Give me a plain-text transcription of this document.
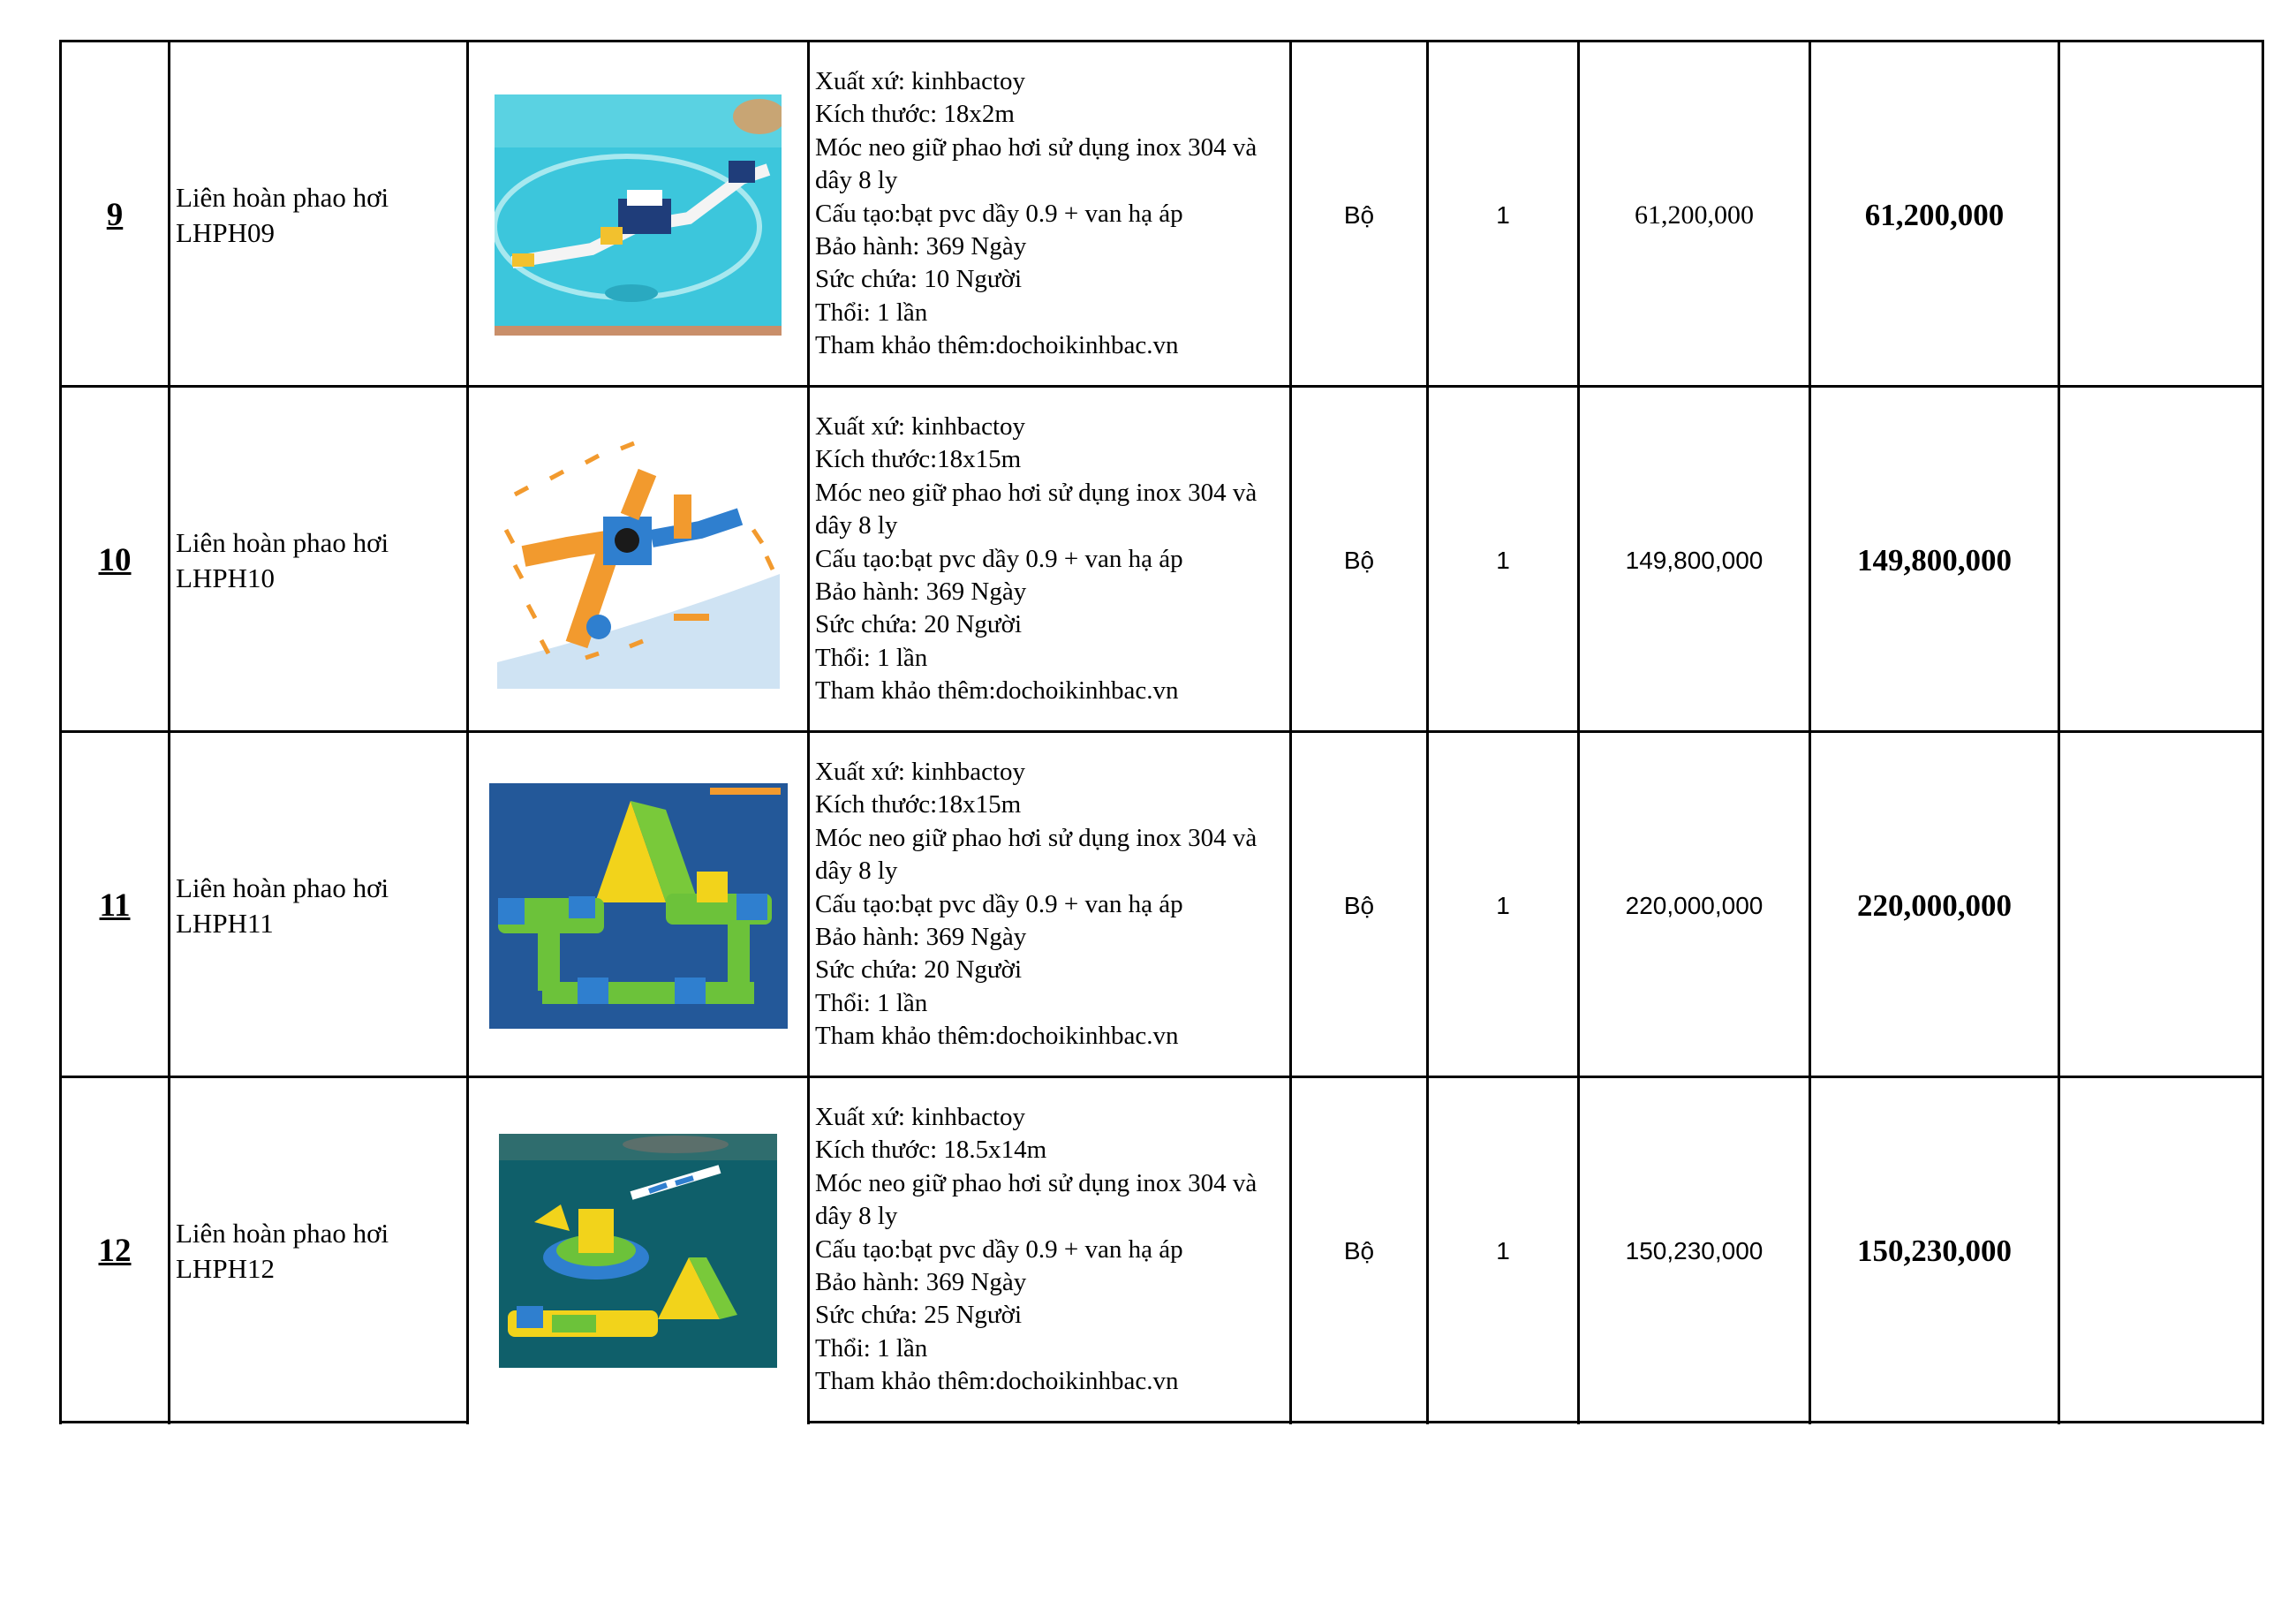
9 Liên hoàn phao hơi
LHPH09
Xuất xứ: kinhbactoy
Kích thước: 18x2m
Móc neo giữ phao hơi sử dụng inox 304 và
dây 8 ly
Cấu tạo:bạt pvc dầy 0.9 + van hạ áp
Bảo hành: 369 Ngày
Sức chứa: 10 Người
Thổi: 1 lần
Tham khảo thêm:dochoikinhbac.vn
Bộ	1	61,200,000	61,200,000
10 Liên hoàn phao hơi
LHPH10
Xuất xứ: kinhbactoy
Kích thước:18x15m
Móc neo giữ phao hơi sử dụng inox 304 và
dây 8 ly
Cấu tạo:bạt pvc dầy 0.9 + van hạ áp
Bảo hành: 369 Ngày
Sức chứa: 20 Người
Thổi: 1 lần
Tham khảo thêm:dochoikinhbac.vn
Bộ	1	149,800,000	149,800,000
11 Liên hoàn phao hơi
LHPH11
Xuất xứ: kinhbactoy
Kích thước:18x15m
Móc neo giữ phao hơi sử dụng inox 304 và
dây 8 ly
Cấu tạo:bạt pvc dầy 0.9 + van hạ áp
Bảo hành: 369 Ngày
Sức chứa: 20 Người
Thổi: 1 lần
Tham khảo thêm:dochoikinhbac.vn
Bộ	1	220,000,000	220,000,000
12 Liên hoàn phao hơi
LHPH12
Xuất xứ: kinhbactoy
Kích thước: 18.5x14m
Móc neo giữ phao hơi sử dụng inox 304 và
dây 8 ly
Cấu tạo:bạt pvc dầy 0.9 + van hạ áp
Bảo hành: 369 Ngày
Sức chứa: 25 Người
Thổi: 1 lần
Tham khảo thêm:dochoikinhbac.vn
Bộ	1	150,230,000	150,230,000
